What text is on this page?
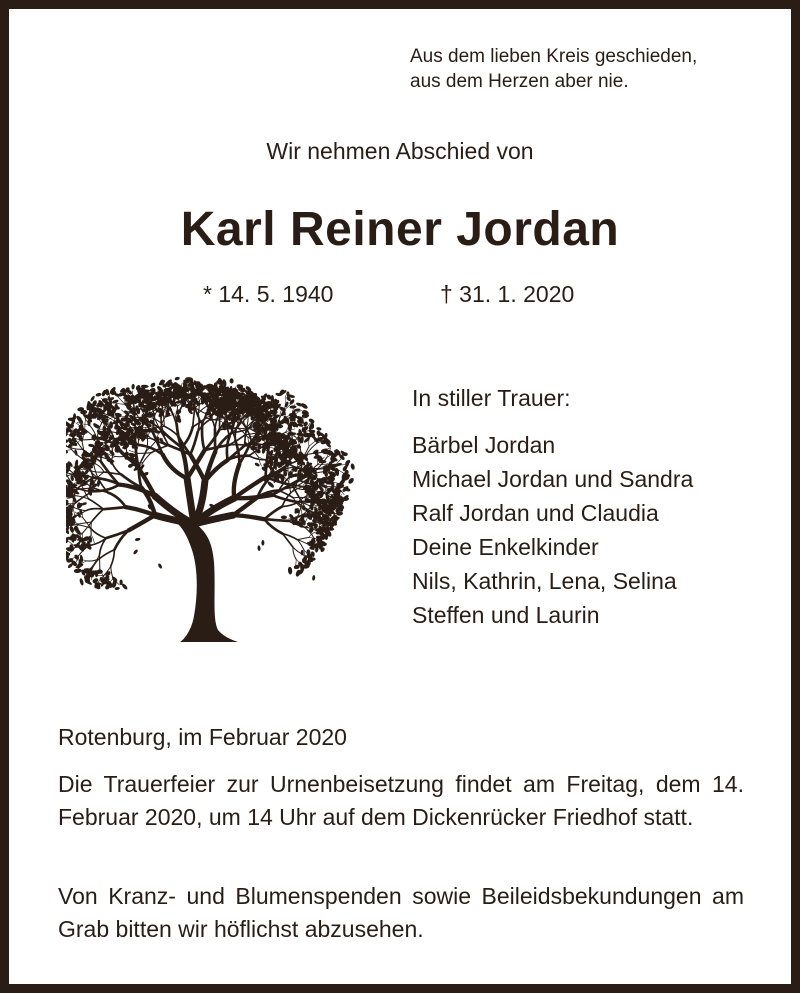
Aus dem lieben Kreis geschieden,
aus dem Herzen aber nie.
Wir nehmen Abschied von
Karl Reiner Jordan
* 14. 5. 1940	† 31. 1. 2020
In stiller Trauer:
Bärbel Jordan
Michael Jordan und Sandra
Ralf Jordan und Claudia
Deine Enkelkinder
Nils, Kathrin, Lena, Selina
Steffen und Laurin
Rotenburg, im Februar 2020
Die Trauerfeier zur Urnenbeisetzung findet am Freitag, dem 14. Februar 2020, um 14 Uhr auf dem Dickenrücker Friedhof statt.
Von Kranz- und Blumenspenden sowie Beileidsbekundungen am Grab bitten wir höflichst abzusehen.
